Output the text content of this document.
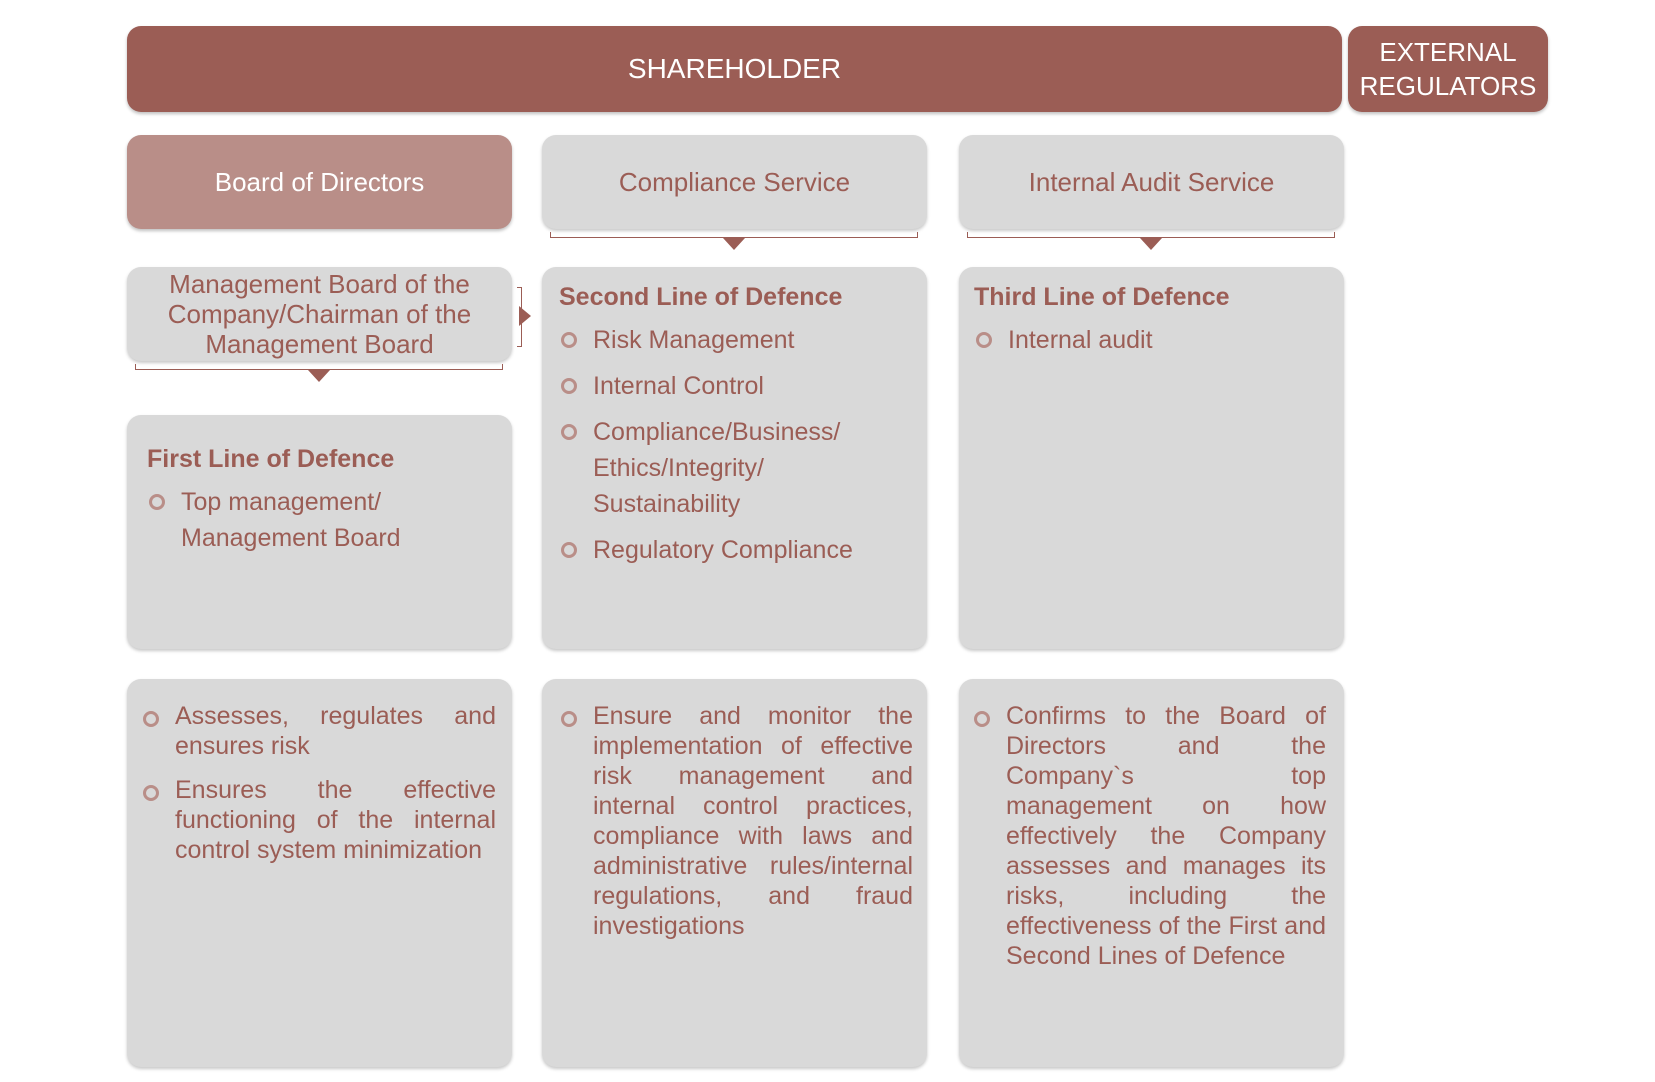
SHAREHOLDER
EXTERNAL REGULATORS
Board of Directors	Compliance Service	Internal Audit Service
Management Board of the Company/Chairman of the Management Board
First Line of Defence
Top management/ Management Board
Second Line of Defence
Risk Management
Internal Control
Compliance/Business/ Ethics/Integrity/ Sustainability
Regulatory Compliance
Third Line of Defence
Internal audit
Assesses, regulates and ensures risk
Ensures the effective functioning of the internal control system minimization
Ensure and monitor the implementation of effective risk management and internal control practices, compliance with laws and administrative rules/internal regulations, and fraud investigations
Confirms to the Board of Directors and the Company`s top management on how effectively the Company assesses and manages its risks, including the effectiveness of the First and Second Lines of Defence
